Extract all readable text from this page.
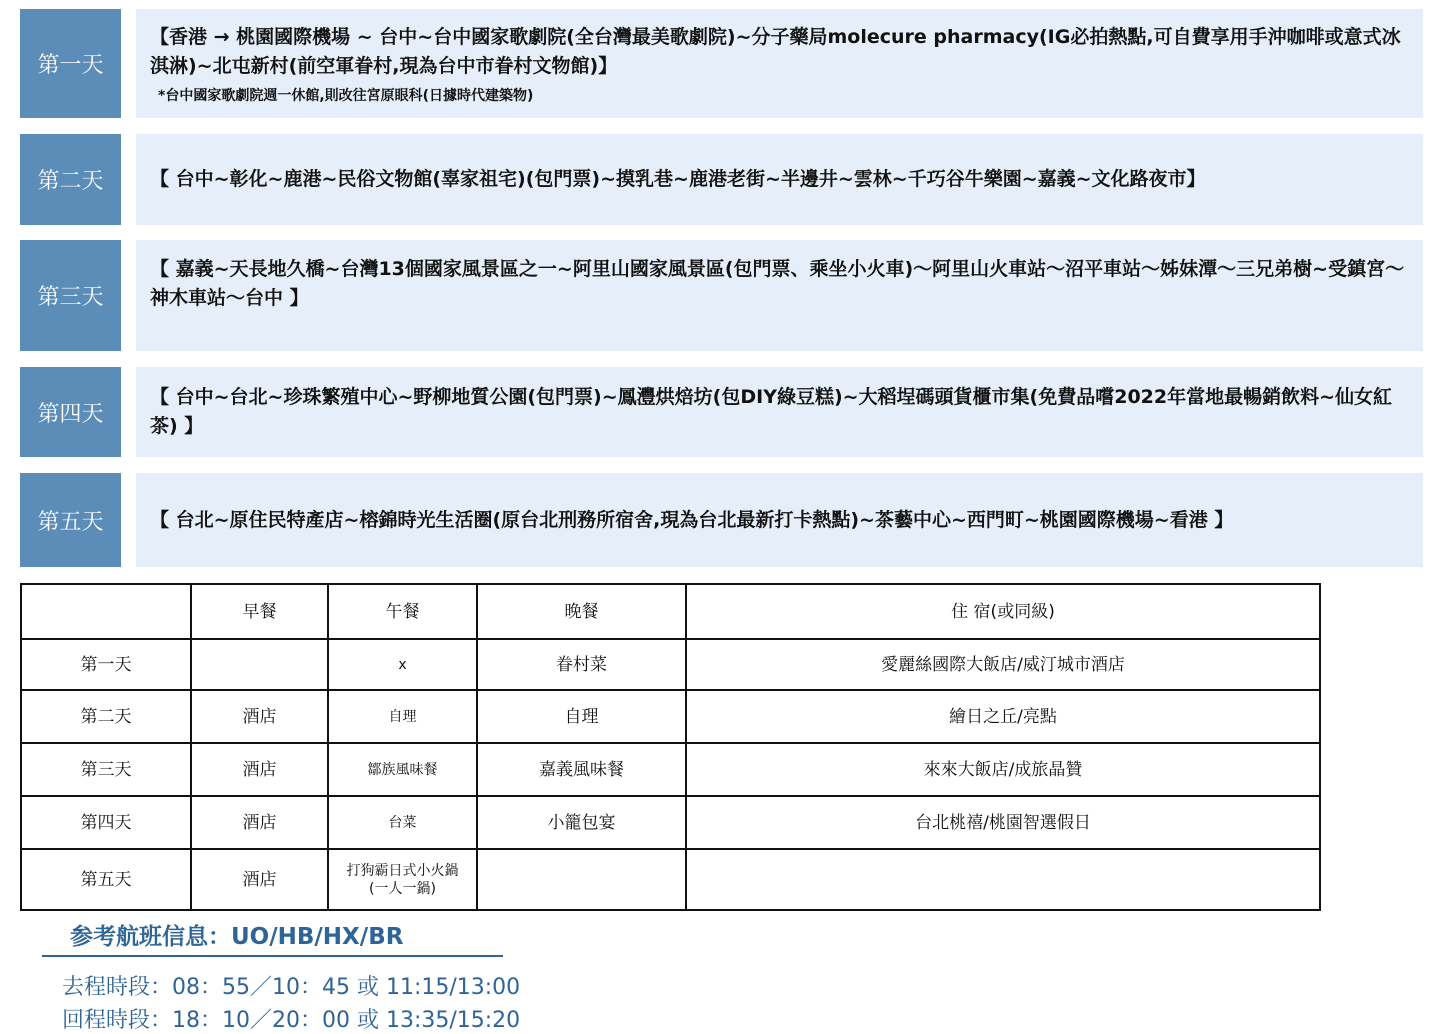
第一天
【香港 → 桃園國際機場 ~ 台中~台中國家歌劇院(全台灣最美歌劇院)~分子藥局molecure pharmacy(IG必拍熱點,可自費享用手沖咖啡或意式冰淇淋)~北屯新村(前空軍眷村,現為台中市眷村文物館)】
*台中國家歌劇院週一休館,則改往宮原眼科(日據時代建築物)
第二天	【 台中~彰化~鹿港~民俗文物館(辜家祖宅)(包門票)~摸乳巷~鹿港老街~半邊井~雲林~千巧谷牛樂園~嘉義~文化路夜市】
第三天
【 嘉義~天長地久橋~台灣13個國家風景區之一~阿里山國家風景區(包門票、乘坐小火車)～阿里山火車站～沼平車站～姊妹潭～三兄弟樹~受鎮宮～神木車站～台中 】
第四天
【 台中~台北~珍珠繁殖中心~野柳地質公園(包門票)~鳳灃烘焙坊(包DIY綠豆糕)~大稻埕碼頭貨櫃市集(免費品嚐2022年當地最暢銷飲料~仙女紅茶) 】
第五天	【 台北~原住民特產店~榕錦時光生活圈(原台北刑務所宿舍,現為台北最新打卡熱點)~茶藝中心~西門町~桃園國際機場~看港 】
	早餐	午餐	晚餐	住 宿(或同級)
第一天		x	眷村菜	愛麗絲國際大飯店/威汀城市酒店
第二天	酒店	自理	自理	繪日之丘/亮點
第三天	酒店	鄒族風味餐	嘉義風味餐	來來大飯店/成旅晶贊
第四天	酒店	台菜	小籠包宴	台北桃禧/桃園智選假日
第五天	酒店	打狗霸日式小火鍋
(一人一鍋)		
参考航班信息：UO/HB/HX/BR
去程時段：08：55／10：45 或 11:15/13:00
回程時段：18：10／20：00 或 13:35/15:20
